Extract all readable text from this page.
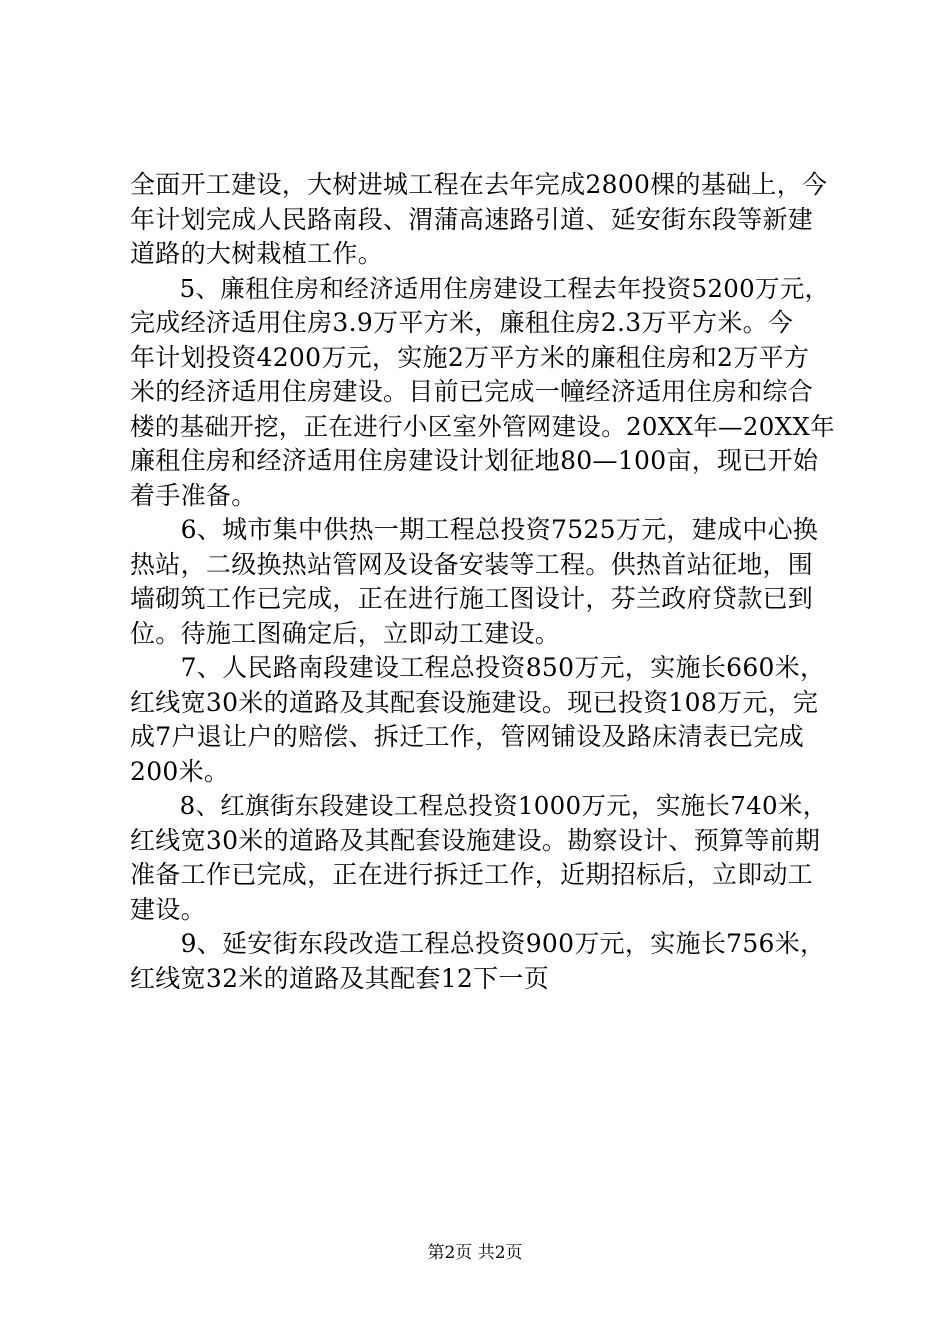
全面开工建设，大树进城工程在去年完成2800棵的基础上，今
年计划完成人民路南段、渭蒲高速路引道、延安街东段等新建
道路的大树栽植工作。
　　5、廉租住房和经济适用住房建设工程去年投资5200万元，
完成经济适用住房3.9万平方米，廉租住房2.3万平方米。今
年计划投资4200万元，实施2万平方米的廉租住房和2万平方
米的经济适用住房建设。目前已完成一幢经济适用住房和综合
楼的基础开挖，正在进行小区室外管网建设。20XX年—20XX年
廉租住房和经济适用住房建设计划征地80—100亩，现已开始
着手准备。
　　6、城市集中供热一期工程总投资7525万元，建成中心换
热站，二级换热站管网及设备安装等工程。供热首站征地，围
墙砌筑工作已完成，正在进行施工图设计，芬兰政府贷款已到
位。待施工图确定后，立即动工建设。
　　7、人民路南段建设工程总投资850万元，实施长660米，
红线宽30米的道路及其配套设施建设。现已投资108万元，完
成7户退让户的赔偿、拆迁工作，管网铺设及路床清表已完成
200米。
　　8、红旗街东段建设工程总投资1000万元，实施长740米，
红线宽30米的道路及其配套设施建设。勘察设计、预算等前期
准备工作已完成，正在进行拆迁工作，近期招标后，立即动工
建设。
　　9、延安街东段改造工程总投资900万元，实施长756米，
红线宽32米的道路及其配套12下一页
第2页 共2页
